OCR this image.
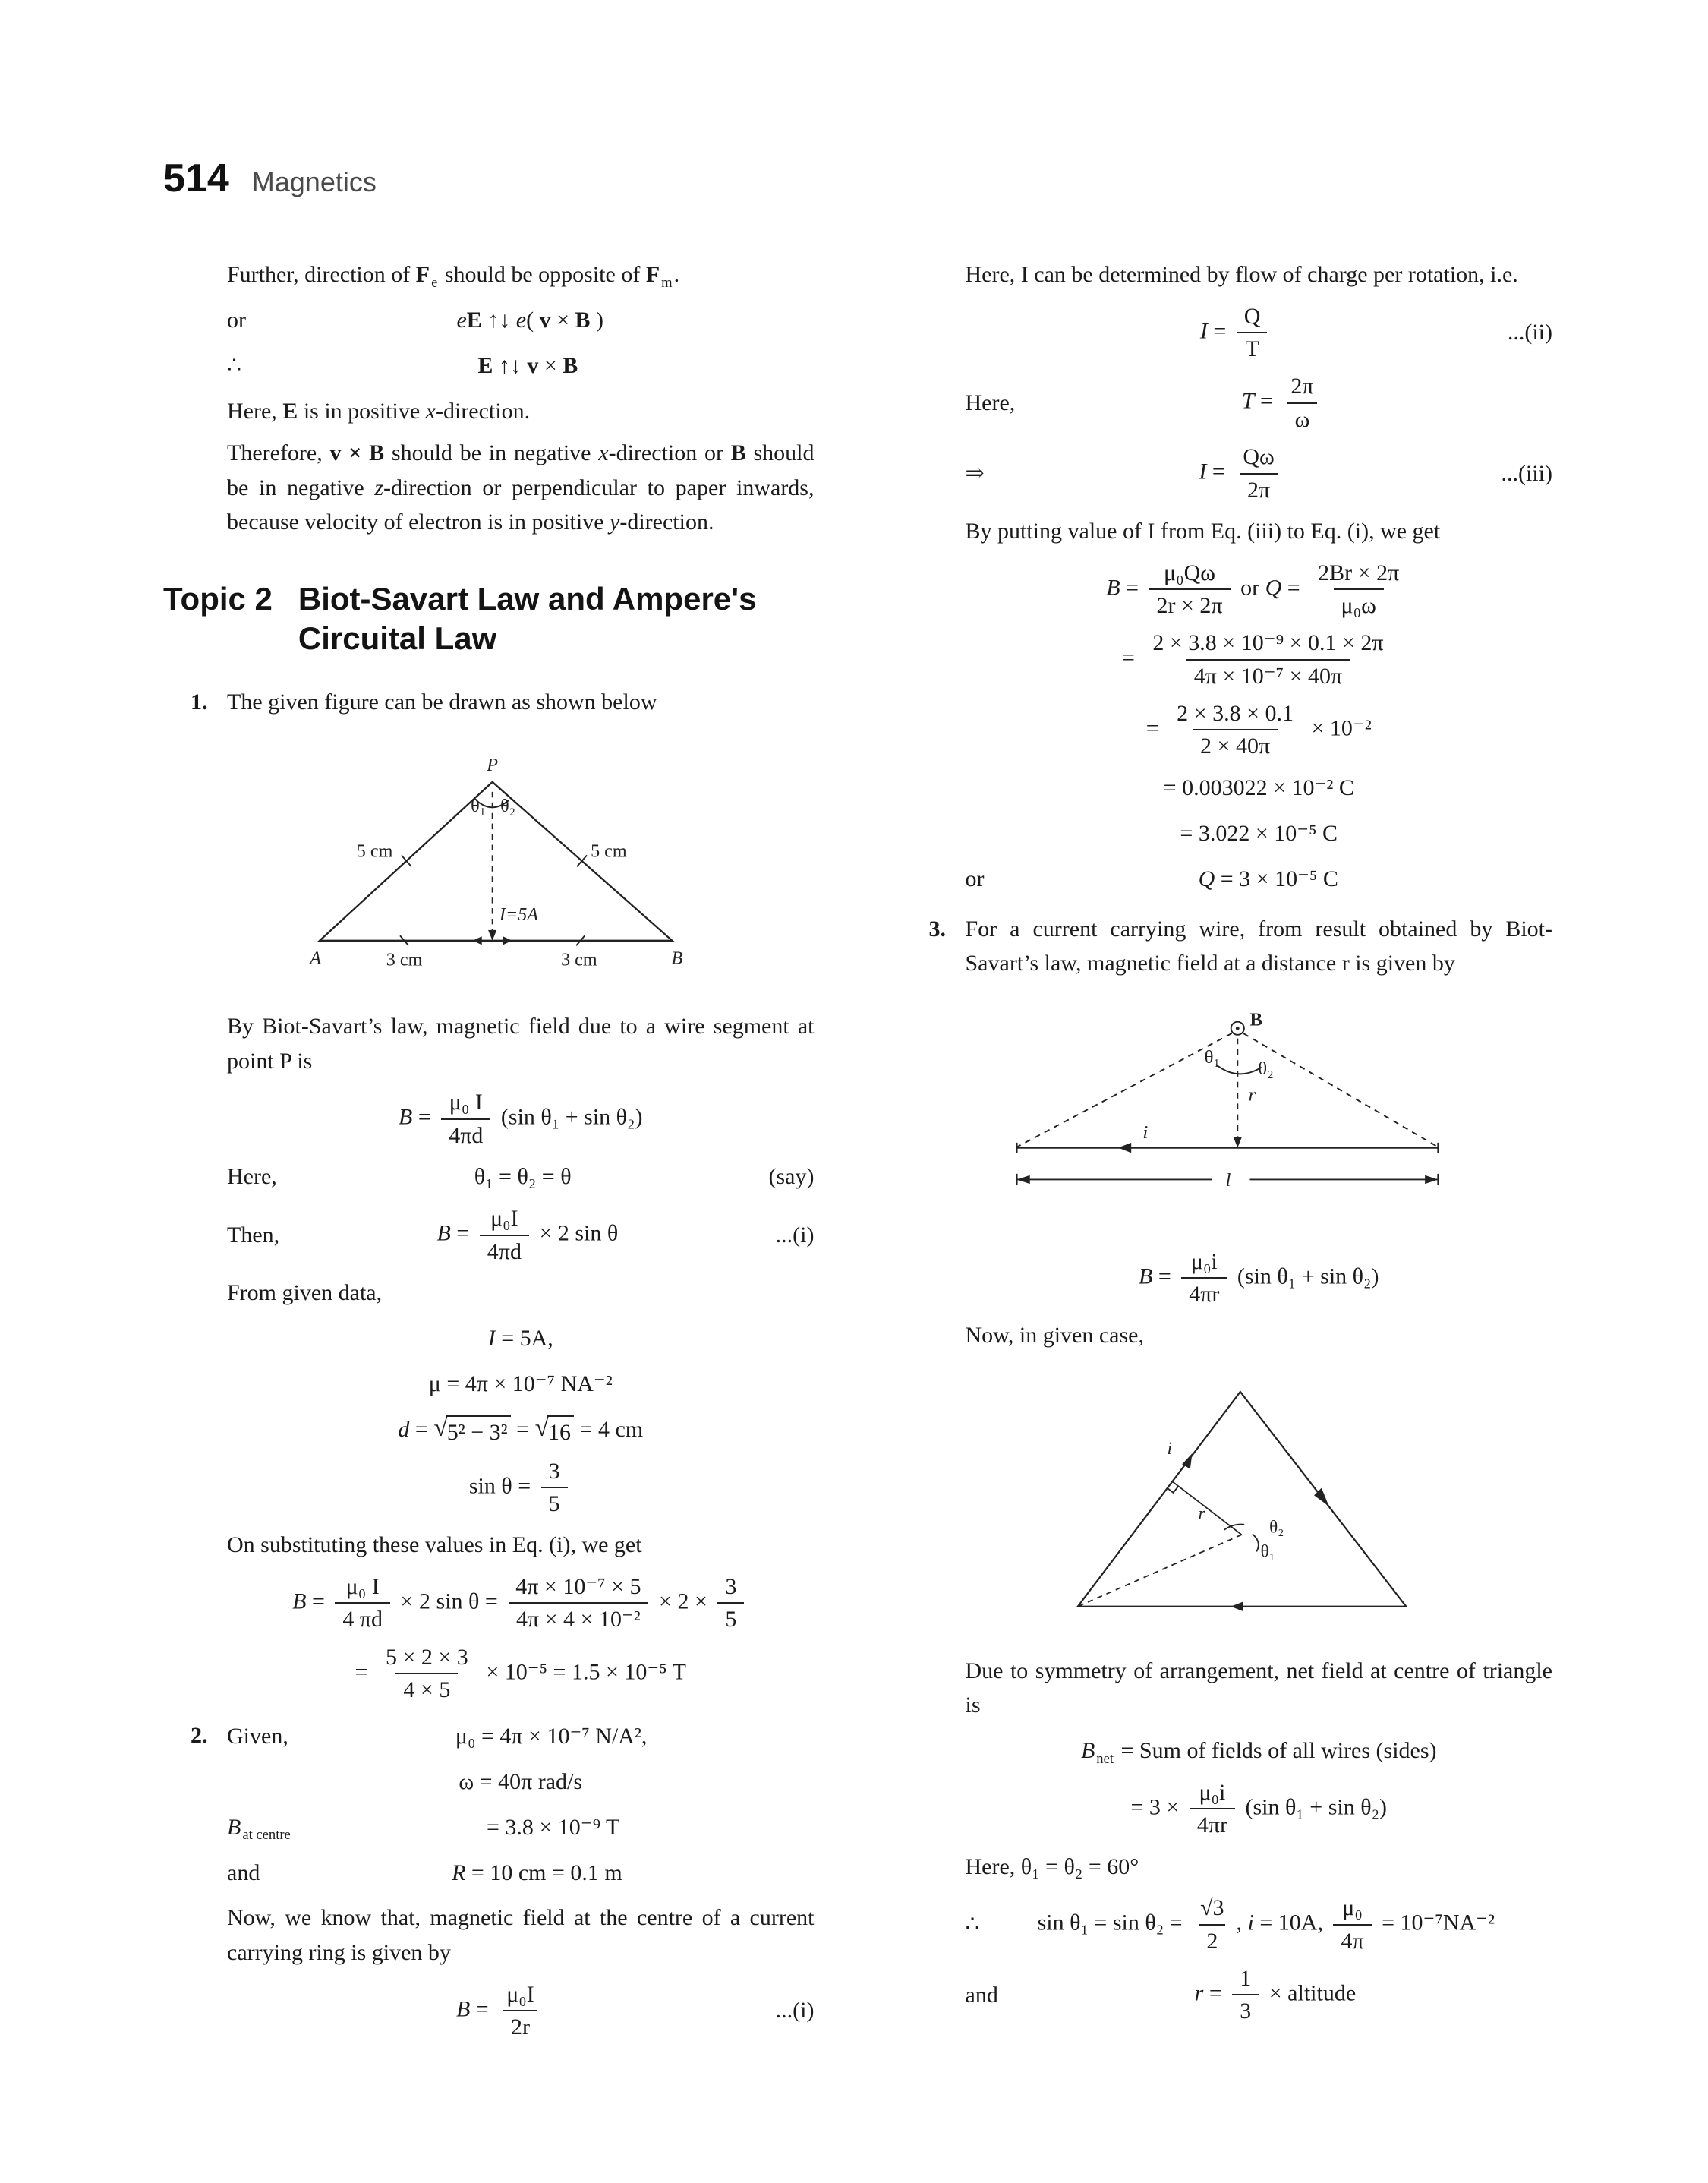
514 Magnetics

Further, direction of F $_e$ should be opposite of F $_m$.

or	eE ↑↓ e( v × B )
∴	E ↑↓ v × B

Here, E is in positive x-direction.

Therefore, v × B should be in negative x-direction or B should be in negative z-direction or perpendicular to paper inwards, because velocity of electron is in positive y-direction.

Topic 2 Biot-Savart Law and Ampere's
Circuital Law
1. The given figure can be drawn as shown below
P
θ₁ θ₂
5 cm	5 cm
I=5A
A	B
3 cm	3 cm

By Biot-Savart’s law, magnetic field due to a wire segment at point P is

$B = \frac{\text{μ₀ I}}{4\pi d} (\sin$ θ₁ + sin θ₂)
Here,	θ₁ = θ₂ = θ	(say)
Then,	$B = \frac{\text{μ₀I}}{4\pi d} \times 2$ sin θ	...(i)

From given data,

I = 5A,
μ = 4π × 10⁻⁷ NA⁻²
d = √ 5² − 3² = √ 16 = 4 cm
$\sin \theta = \frac{3}{5}$

On substituting these values in Eq. (i), we get

$B = \frac{\text{μ₀ I}}{4 \pi d} \times 2$ $\sin \theta = \frac{\text{4π × 10⁻⁷ × 5}}{\text{4π × 4 × 10⁻²}} \times 2 \times \frac{3}{5}$
= $\frac{5 \times 2 \times 3}{4 \times 5} \times 10^{-5} = 1.5 \times 10^{-5}$ T
2. Given,	μ₀ = 4π × 10⁻⁷ N/A²,
ω = 40π rad/s
B $_{at centre}$	= 3.8 × 10⁻⁹ T
and	R = 10 cm = 0.1 m

Now, we know that, magnetic field at the centre of a current carrying ring is given by

$B = \frac{\text{μ₀I}}{2r}$	...(i)

Here, I can be determined by flow of charge per rotation, i.e.

$I = \frac{Q}{T}$	...(ii)
Here,	$T = \frac{2\pi}{\omega}$
⇒	$I = \frac{Q\omega}{2\pi}$	...(iii)

By putting value of I from Eq. (iii) to Eq. (i), we get

$B = \frac{\text{μ₀Qω}}{2r \times 2\pi}$ or $Q = \frac{2Br \times 2\pi}{\text{μ₀ω}}$
= $\frac{\text{2 × 3.8 × 10⁻⁹ × 0.1 × 2π}}{\text{4π × 10⁻⁷ × 40π}}$
= $\frac{2 \times 3.8 \times 0.1}{2 \times 40\pi} \times 10^{-2}$
= 0.003022 × 10⁻² C
= 3.022 × 10⁻⁵ C
or	Q = 3 × 10⁻⁵ C
3. For a current carrying wire, from result obtained by Biot-Savart’s law, magnetic field at a distance r is given by
B
θ₁
θ₂
r
i
l
$B = \frac{\text{μ₀i}}{4\pi r} (\sin$ θ₁ + sin θ₂)

Now, in given case,

i
r
θ₂
θ₁

Due to symmetry of arrangement, net field at centre of triangle is

B $_{net}$ = Sum of fields of all wires (sides)
= $3 \times \frac{\text{μ₀i}}{4\pi r} (\sin$ θ₁ + sin θ₂)

Here, θ₁ = θ₂ = 60°

∴	$\sin \theta_1 = \sin \theta_2 = \frac{√3}{2}$ , i = 10A, $\frac{\text{μ₀}}{4\pi} = 10^{-7}NA^{-2}$
and	$r = \frac{1}{3}$ × altitude
